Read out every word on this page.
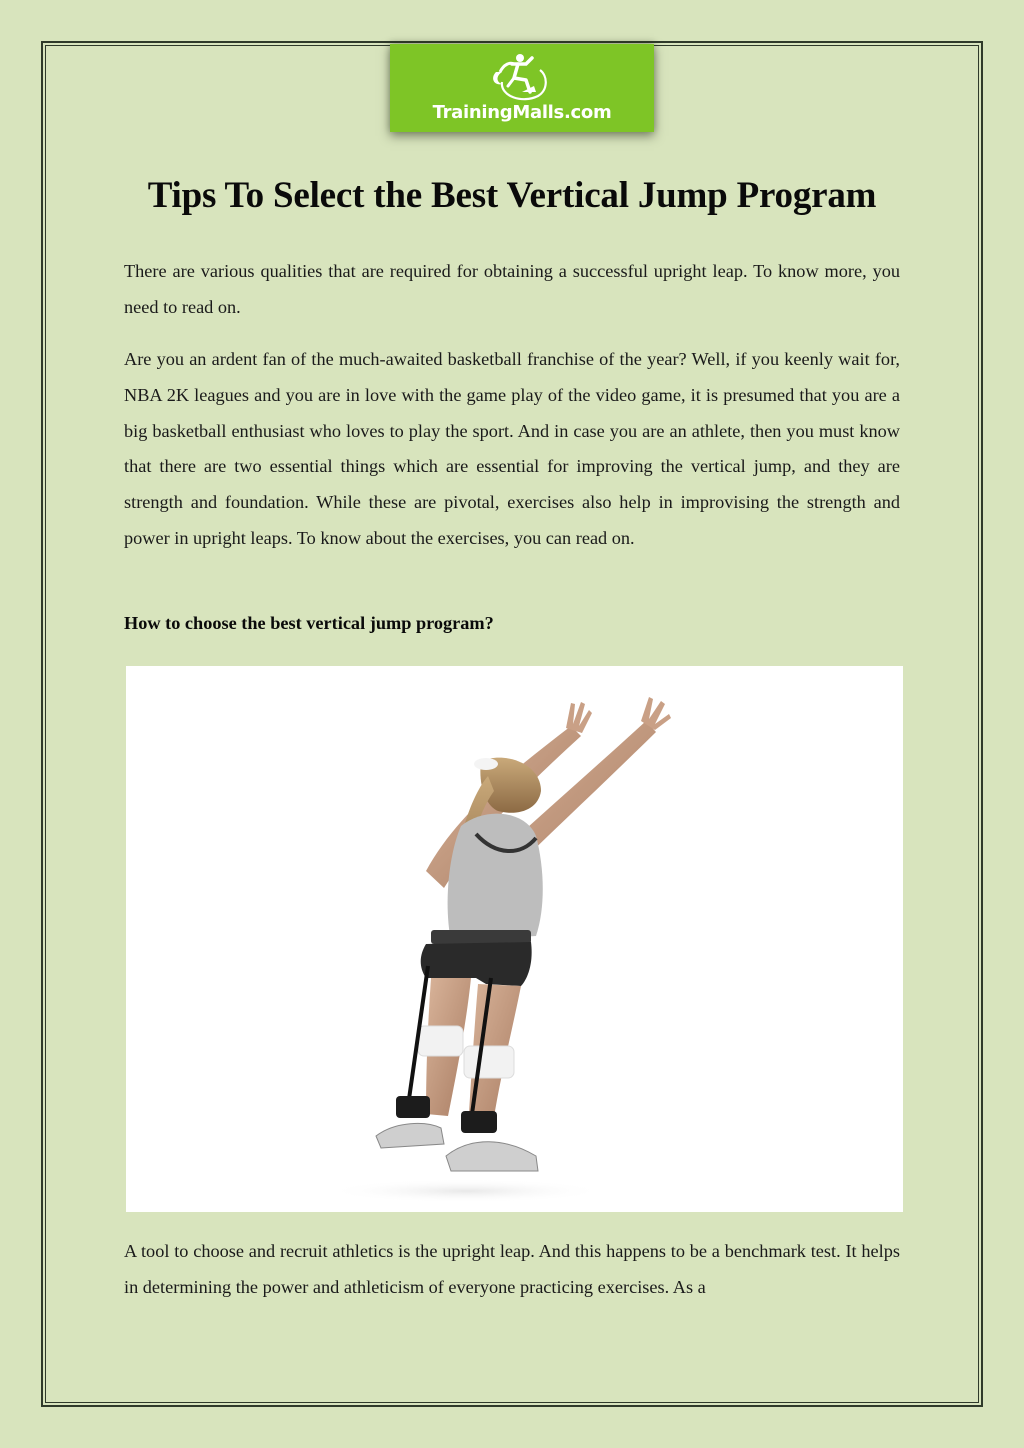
TrainingMalls.com
Tips To Select the Best Vertical Jump Program

There are various qualities that are required for obtaining a successful upright leap. To know more, you need to read on.

Are you an ardent fan of the much-awaited basketball franchise of the year? Well, if you keenly wait for, NBA 2K leagues and you are in love with the game play of the video game, it is presumed that you are a big basketball enthusiast who loves to play the sport. And in case you are an athlete, then you must know that there are two essential things which are essential for improving the vertical jump, and they are strength and foundation. While these are pivotal, exercises also help in improvising the strength and power in upright leaps. To know about the exercises, you can read on.

How to choose the best vertical jump program?

A tool to choose and recruit athletics is the upright leap. And this happens to be a benchmark test. It helps in determining the power and athleticism of everyone practicing exercises. As a
